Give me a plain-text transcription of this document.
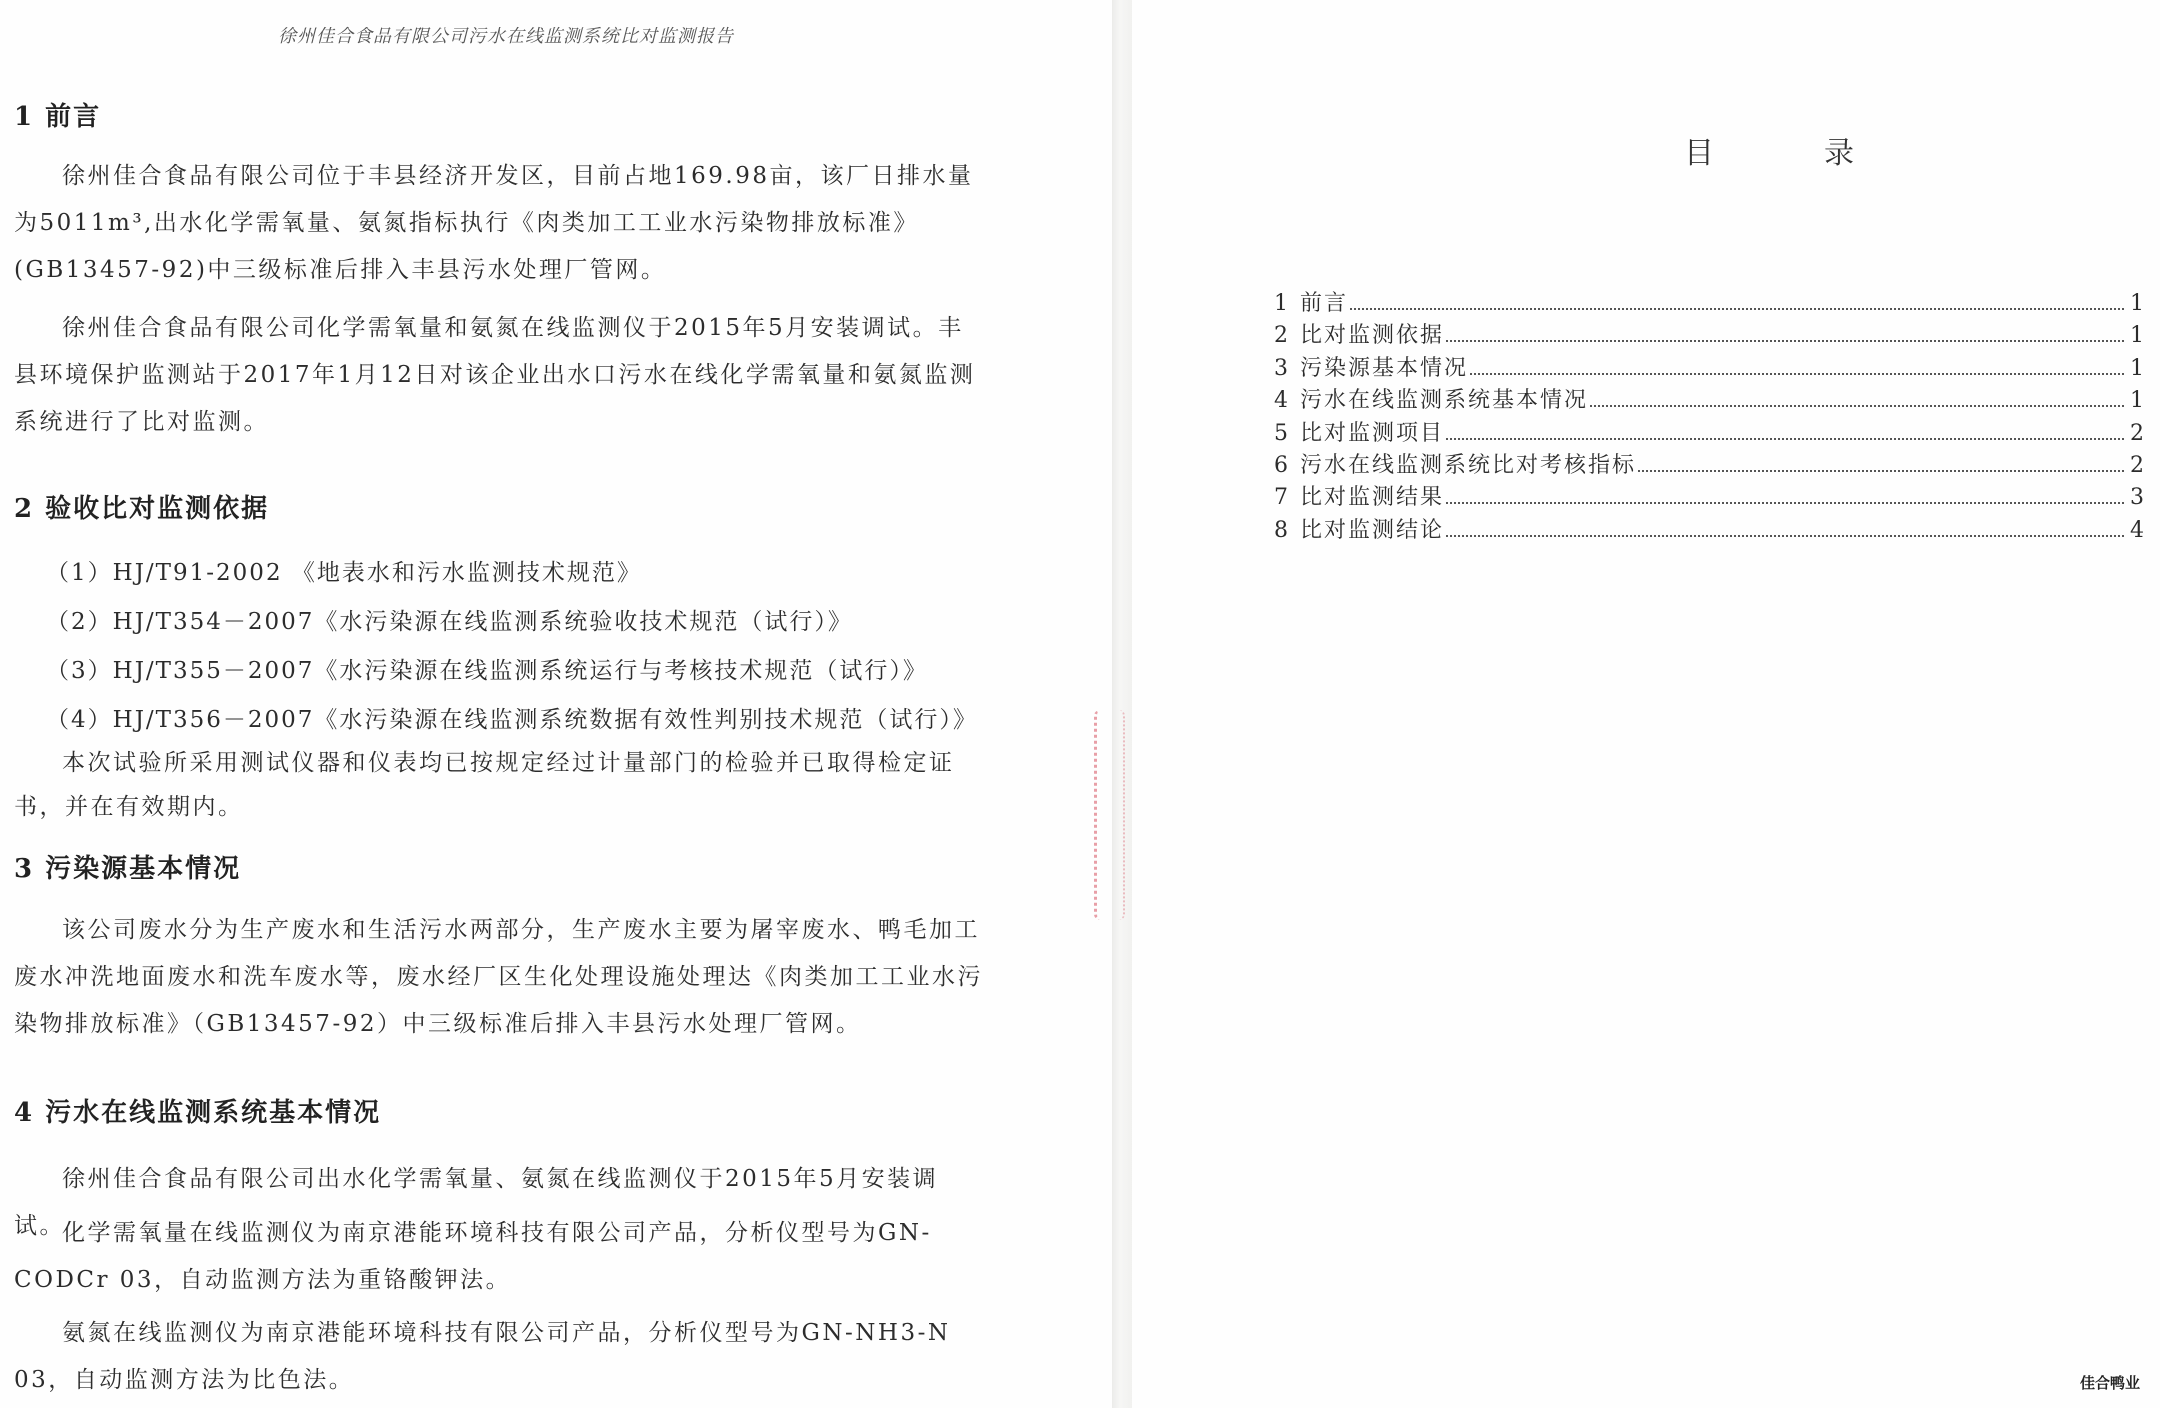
徐州佳合食品有限公司污水在线监测系统比对监测报告
1 前言
徐州佳合食品有限公司位于丰县经济开发区，目前占地169.98亩，该厂日排水量为5011m³,出水化学需氧量、氨氮指标执行《肉类加工工业水污染物排放标准》(GB13457-92)中三级标准后排入丰县污水处理厂管网。
徐州佳合食品有限公司化学需氧量和氨氮在线监测仪于2015年5月安装调试。丰县环境保护监测站于2017年1月12日对该企业出水口污水在线化学需氧量和氨氮监测系统进行了比对监测。
2 验收比对监测依据
（1）HJ/T91-2002 《地表水和污水监测技术规范》
（2）HJ/T354－2007《水污染源在线监测系统验收技术规范（试行）》
（3）HJ/T355－2007《水污染源在线监测系统运行与考核技术规范（试行）》
（4）HJ/T356－2007《水污染源在线监测系统数据有效性判别技术规范（试行）》
本次试验所采用测试仪器和仪表均已按规定经过计量部门的检验并已取得检定证书，并在有效期内。
3 污染源基本情况
该公司废水分为生产废水和生活污水两部分，生产废水主要为屠宰废水、鸭毛加工废水冲洗地面废水和洗车废水等，废水经厂区生化处理设施处理达《肉类加工工业水污染物排放标准》（GB13457-92）中三级标准后排入丰县污水处理厂管网。
4 污水在线监测系统基本情况
徐州佳合食品有限公司出水化学需氧量、氨氮在线监测仪于2015年5月安装调试。
化学需氧量在线监测仪为南京港能环境科技有限公司产品，分析仪型号为GN-CODCr 03，自动监测方法为重铬酸钾法。
氨氮在线监测仪为南京港能环境科技有限公司产品，分析仪型号为GN-NH3-N 03，自动监测方法为比色法。
目录
1 前言	1
2 比对监测依据	1
3 污染源基本情况	1
4 污水在线监测系统基本情况	1
5 比对监测项目	2
6 污水在线监测系统比对考核指标	2
7 比对监测结果	3
8 比对监测结论	4
佳合鸭业
